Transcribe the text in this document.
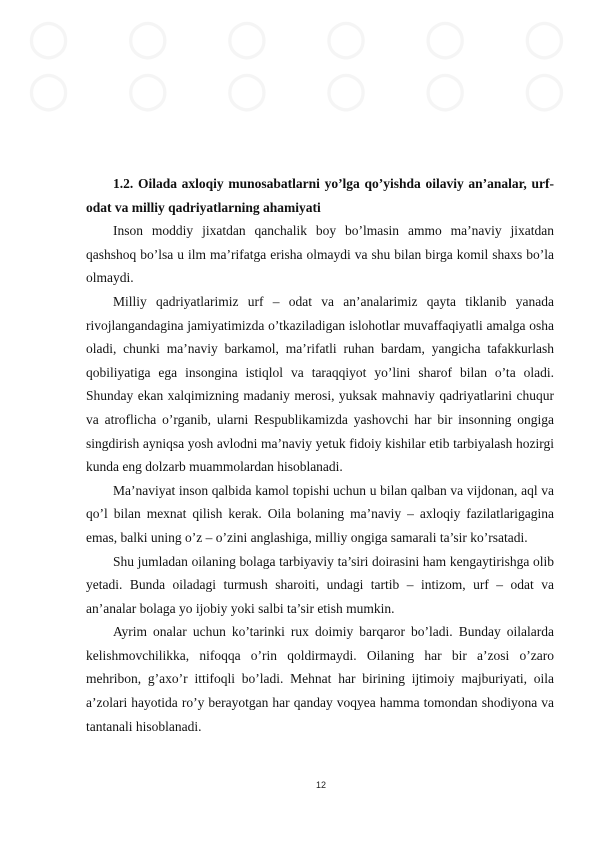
1.2. Oilada axloqiy munosabatlarni yo’lga qo’yishda oilaviy an’analar, urf-odat va milliy qadriyatlarning ahamiyati

Inson moddiy jixatdan qanchalik boy bo’lmasin ammo ma’naviy jixatdan qashshoq bo’lsa u ilm ma’rifatga erisha olmaydi va shu bilan birga komil shaxs bo’la olmaydi.

Milliy qadriyatlarimiz urf – odat va an’analarimiz qayta tiklanib yanada rivojlangandagina jamiyatimizda o’tkaziladigan islohotlar muvaffaqiyatli amalga osha oladi, chunki ma’naviy barkamol, ma’rifatli ruhan bardam, yangicha tafakkurlash qobiliyatiga ega insongina istiqlol va taraqqiyot yo’lini sharof bilan o’ta oladi. Shunday ekan xalqimizning madaniy merosi, yuksak mahnaviy qadriyatlarini chuqur va atroflicha o’rganib, ularni Respublikamizda yashovchi har bir insonning ongiga singdirish ayniqsa yosh avlodni ma’naviy yetuk fidoiy kishilar etib tarbiyalash hozirgi kunda eng dolzarb muammolardan hisoblanadi.

Ma’naviyat inson qalbida kamol topishi uchun u bilan qalban va vijdonan, aql va qo’l bilan mexnat qilish kerak. Oila bolaning ma’naviy – axloqiy fazilatlarigagina emas, balki uning o’z – o’zini anglashiga, milliy ongiga samarali ta’sir ko’rsatadi.

Shu jumladan oilaning bolaga tarbiyaviy ta’siri doirasini ham kengaytirishga olib yetadi. Bunda oiladagi turmush sharoiti, undagi tartib – intizom, urf – odat va an’analar bolaga yo ijobiy yoki salbi ta’sir etish mumkin.

Ayrim onalar uchun ko’tarinki rux doimiy barqaror bo’ladi. Bunday oilalarda kelishmovchilikka, nifoqqa o’rin qoldirmaydi. Oilaning har bir a’zosi o’zaro mehribon, g’axo’r ittifoqli bo’ladi. Mehnat har birining ijtimoiy majburiyati, oila a’zolari hayotida ro’y berayotgan har qanday voqyea hamma tomondan shodiyona va tantanali hisoblanadi.

12
